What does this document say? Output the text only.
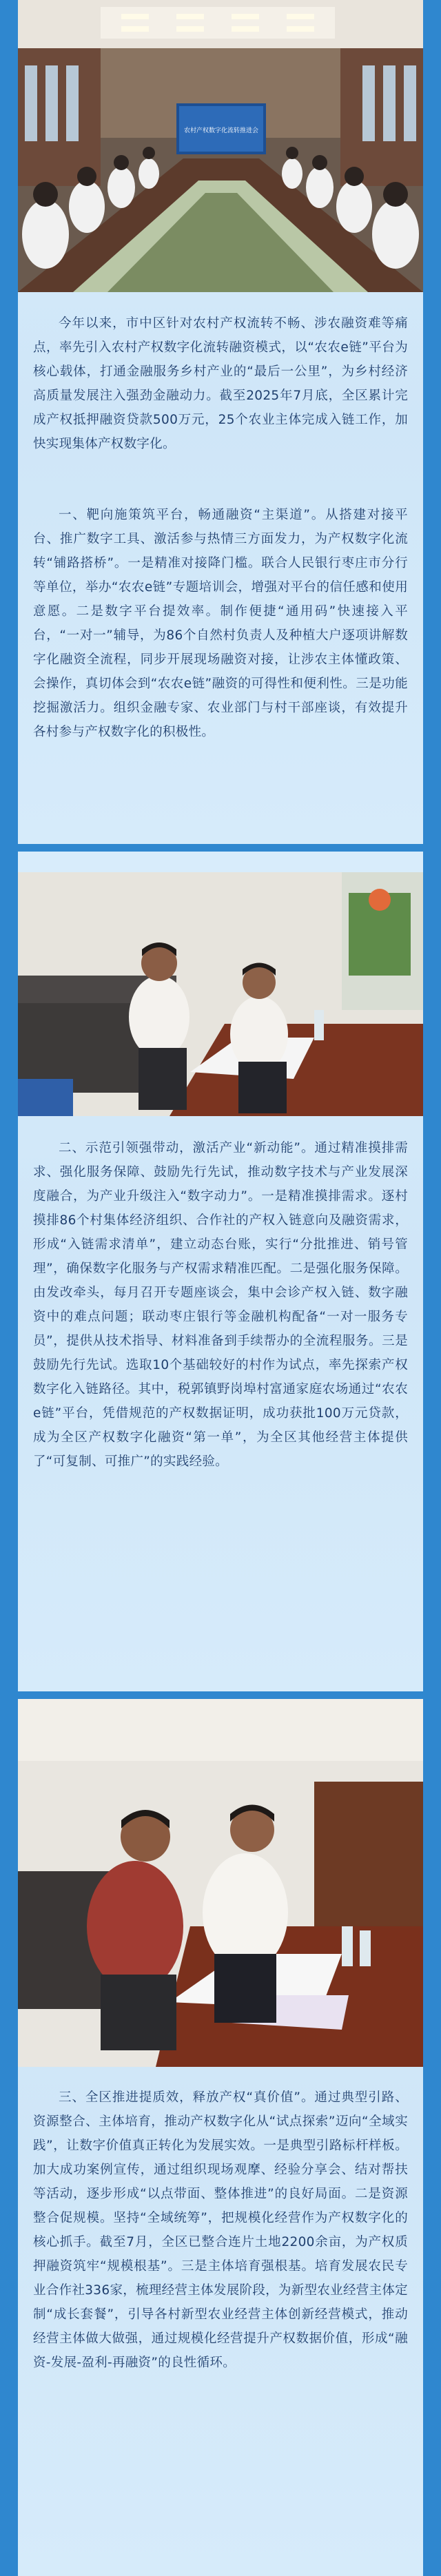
农村产权数字化流转推进会
今年以来，市中区针对农村产权流转不畅、涉农融资难等痛点，率先引入农村产权数字化流转融资模式，以“农农e链”平台为核心载体，打通金融服务乡村产业的“最后一公里”，为乡村经济高质量发展注入强劲金融动力。截至2025年7月底，全区累计完成产权抵押融资贷款500万元，25个农业主体完成入链工作，加快实现集体产权数字化。
一、靶向施策筑平台，畅通融资“主渠道”。从搭建对接平台、推广数字工具、激活参与热情三方面发力，为产权数字化流转“铺路搭桥”。一是精准对接降门槛。联合人民银行枣庄市分行等单位，举办“农农e链”专题培训会，增强对平台的信任感和使用意愿。二是数字平台提效率。制作便捷“通用码”快速接入平台，“一对一”辅导，为86个自然村负责人及种植大户逐项讲解数字化融资全流程，同步开展现场融资对接，让涉农主体懂政策、会操作，真切体会到“农农e链”融资的可得性和便利性。三是功能挖掘激活力。组织金融专家、农业部门与村干部座谈，有效提升各村参与产权数字化的积极性。
二、示范引领强带动，激活产业“新动能”。通过精准摸排需求、强化服务保障、鼓励先行先试，推动数字技术与产业发展深度融合，为产业升级注入“数字动力”。一是精准摸排需求。逐村摸排86个村集体经济组织、合作社的产权入链意向及融资需求，形成“入链需求清单”，建立动态台账，实行“分批推进、销号管理”，确保数字化服务与产权需求精准匹配。二是强化服务保障。由发改牵头，每月召开专题座谈会，集中会诊产权入链、数字融资中的难点问题；联动枣庄银行等金融机构配备“一对一服务专员”，提供从技术指导、材料准备到手续帮办的全流程服务。三是鼓励先行先试。选取10个基础较好的村作为试点，率先探索产权数字化入链路径。其中，税郭镇野岗埠村富通家庭农场通过“农农e链”平台，凭借规范的产权数据证明，成功获批100万元贷款，成为全区产权数字化融资“第一单”，为全区其他经营主体提供了“可复制、可推广”的实践经验。
三、全区推进提质效，释放产权“真价值”。通过典型引路、资源整合、主体培育，推动产权数字化从“试点探索”迈向“全域实践”，让数字价值真正转化为发展实效。一是典型引路标杆样板。加大成功案例宣传，通过组织现场观摩、经验分享会、结对帮扶等活动，逐步形成“以点带面、整体推进”的良好局面。二是资源整合促规模。坚持“全域统筹”，把规模化经营作为产权数字化的核心抓手。截至7月，全区已整合连片土地2200余亩，为产权质押融资筑牢“规模根基”。三是主体培育强根基。培育发展农民专业合作社336家，梳理经营主体发展阶段，为新型农业经营主体定制“成长套餐”，引导各村新型农业经营主体创新经营模式，推动经营主体做大做强，通过规模化经营提升产权数据价值，形成“融资-发展-盈利-再融资”的良性循环。
